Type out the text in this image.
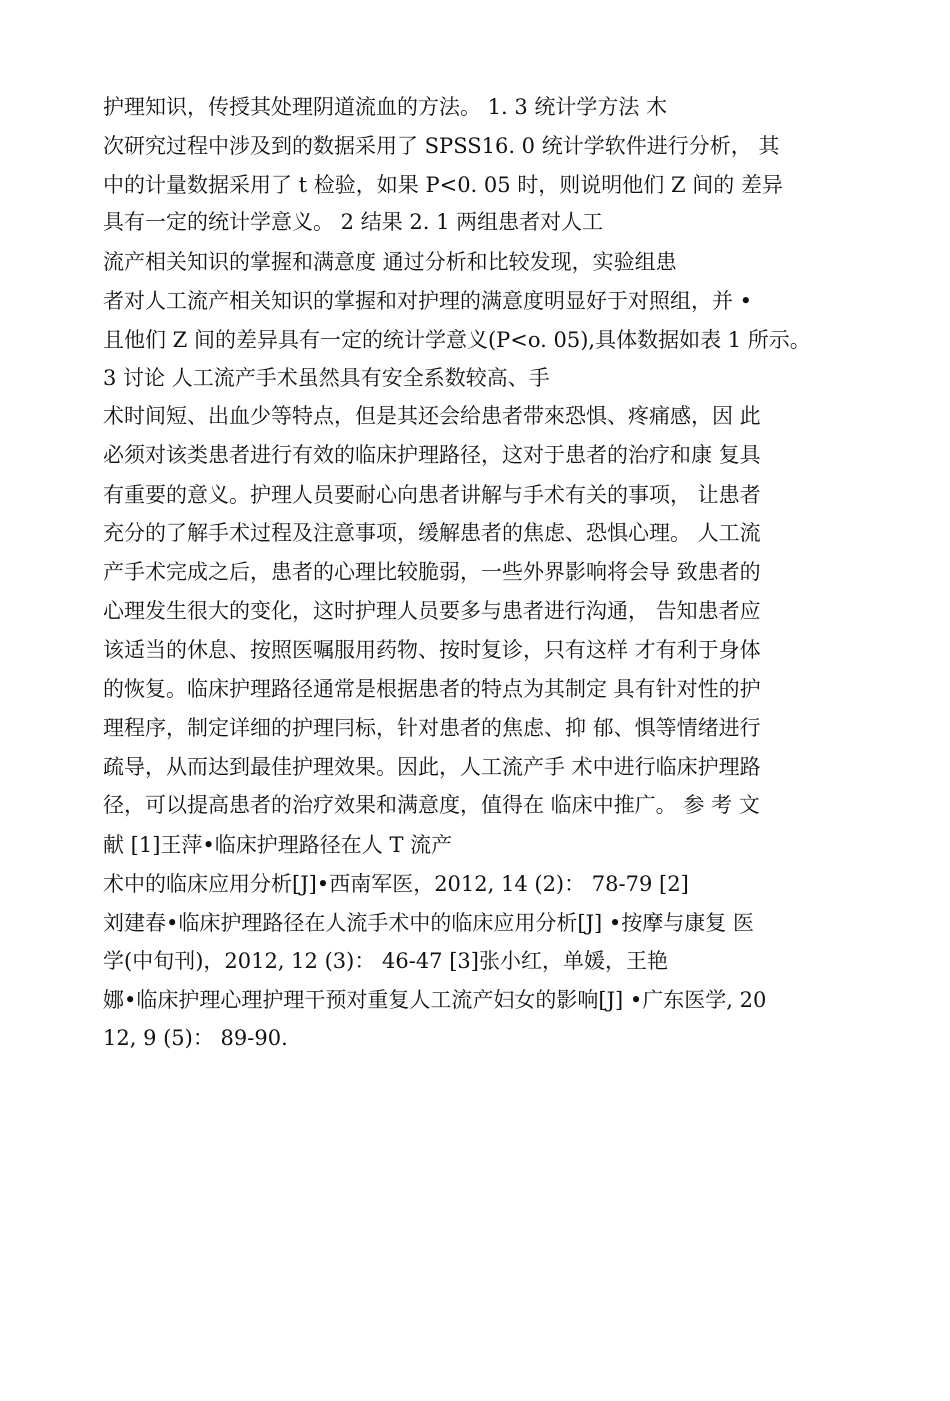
护理知识，传授其处理阴道流血的方法。 1. 3 统计学方法 木
次研究过程中涉及到的数据采用了 SPSS16. 0 统计学软件进行分析， 其
中的计量数据采用了 t 检验，如果 P<0. 05 时，则说明他们 Z 间的 差异
具有一定的统计学意义。 2 结果 2. 1 两组患者对人工
流产相关知识的掌握和满意度 通过分析和比较发现，实验组患
者对人工流产相关知识的掌握和对护理的满意度明显好于对照组，并 •
且他们 Z 间的差异具有一定的统计学意义(P<o. 05),具体数据如表 1 所示。
3 讨论 人工流产手术虽然具有安全系数较高、手
术时间短、出血少等特点，但是其还会给患者带來恐惧、疼痛感，因 此
必须对该类患者进行有效的临床护理路径，这对于患者的治疗和康 复具
有重要的意义。护理人员要耐心向患者讲解与手术有关的事项， 让患者
充分的了解手术过程及注意事项，缓解患者的焦虑、恐惧心理。 人工流
产手术完成之后，患者的心理比较脆弱，一些外界影响将会导 致患者的
心理发生很大的变化，这时护理人员要多与患者进行沟通， 告知患者应
该适当的休息、按照医嘱服用药物、按时复诊，只有这样 才有利于身体
的恢复。临床护理路径通常是根据患者的特点为其制定 具有针对性的护
理程序，制定详细的护理冃标，针对患者的焦虑、抑 郁、惧等情绪进行
疏导，从而达到最佳护理效果。因此，人工流产手 术中进行临床护理路
径，可以提高患者的治疗效果和满意度，值得在 临床中推广。 参 考 文
献 [1]王萍•临床护理路径在人 T 流产
术中的临床应用分析[J]•西南军医，2012, 14 (2)： 78-79 [2]
刘建春•临床护理路径在人流手术中的临床应用分析[J] •按摩与康复 医
学(中旬刊)，2012, 12 (3)： 46-47 [3]张小红，单媛，王艳
娜•临床护理心理护理干预对重复人工流产妇女的影响[J] •广东医学, 20
12, 9 (5)： 89-90.
